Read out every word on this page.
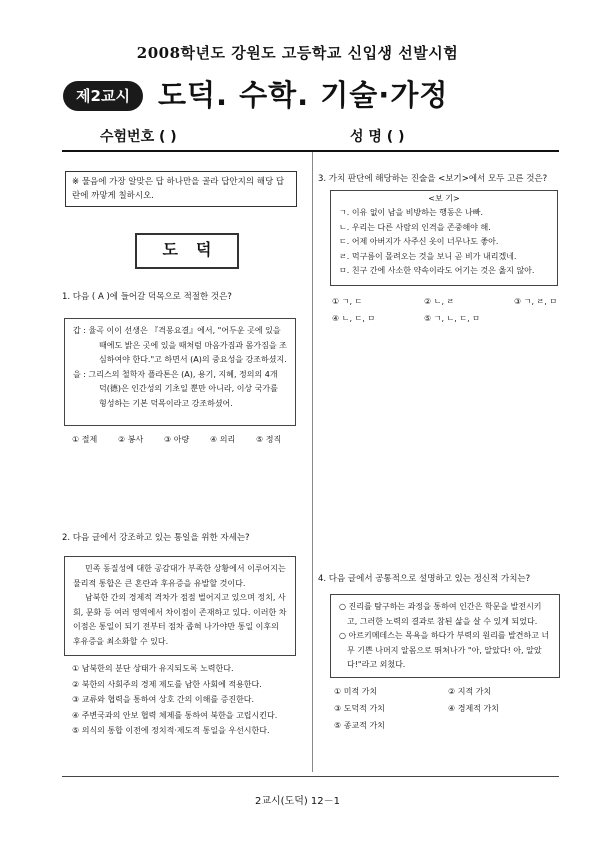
2008학년도 강원도 고등학교 신입생 선발시험
제2교시 도덕. 수학. 기술·가정
수험번호 ( )	성 명 ( )
※ 물음에 가장 알맞은 답 하나만을 골라 답안지의 해당 답란에 까맣게 칠하시오.
도덕
1. 다음 ( A )에 들어갈 덕목으로 적절한 것은?

갑 : 율곡 이이 선생은 『격몽요결』에서, "어두운 곳에 있을 때에도 밝은 곳에 있을 때처럼 마음가짐과 몸가짐을 조심하여야 한다."고 하면서 (A)의 중요성을 강조하셨지.

을 : 그리스의 철학자 플라톤은 (A), 용기, 지혜, 정의의 4개 덕(德)은 인간성의 기초일 뿐만 아니라, 이상 국가를 형성하는 기본 덕목이라고 강조하셨어.

① 절제	② 봉사	③ 아량	④ 의리	⑤ 정직
2. 다음 글에서 강조하고 있는 통일을 위한 자세는?

민족 동질성에 대한 공감대가 부족한 상황에서 이루어지는 물리적 통합은 큰 혼란과 후유증을 유발할 것이다.

남북한 간의 경제적 격차가 점점 벌어지고 있으며 정치, 사회, 문화 등 여러 영역에서 차이점이 존재하고 있다. 이러한 차이점은 통일이 되기 전부터 점차 좁혀 나가야만 통일 이후의 후유증을 최소화할 수 있다.

① 남북한의 분단 상태가 유지되도록 노력한다.
② 북한의 사회주의 경제 제도를 남한 사회에 적용한다.
③ 교류와 협력을 통하여 상호 간의 이해를 증진한다.
④ 주변국과의 안보 협력 체제를 통하여 북한을 고립시킨다.
⑤ 의식의 통합 이전에 정치적·제도적 통일을 우선시한다.
3. 가치 판단에 해당하는 진술을 <보기>에서 모두 고른 것은?
<보 기>

ㄱ. 이유 없이 남을 비방하는 행동은 나빠.

ㄴ. 우리는 다른 사람의 인격을 존중해야 해.

ㄷ. 어제 아버지가 사주신 옷이 너무나도 좋아.

ㄹ. 먹구름이 몰려오는 것을 보니 곧 비가 내리겠네.

ㅁ. 친구 간에 사소한 약속이라도 어기는 것은 옳지 않아.

① ㄱ, ㄷ	② ㄴ, ㄹ	③ ㄱ, ㄹ, ㅁ
④ ㄴ, ㄷ, ㅁ	⑤ ㄱ, ㄴ, ㄷ, ㅁ
4. 다음 글에서 공통적으로 설명하고 있는 정신적 가치는?

○ 진리를 탐구하는 과정을 통하여 인간은 학문을 발전시키고, 그러한 노력의 결과로 참된 삶을 살 수 있게 되었다.

○ 아르키메데스는 목욕을 하다가 부력의 원리를 발견하고 너무 기쁜 나머지 알몸으로 뛰쳐나가 "아, 알았다! 아, 알았다!"라고 외쳤다.

① 미적 가치	② 지적 가치
③ 도덕적 가치	④ 경제적 가치
⑤ 종교적 가치
2교시(도덕) 12－1
